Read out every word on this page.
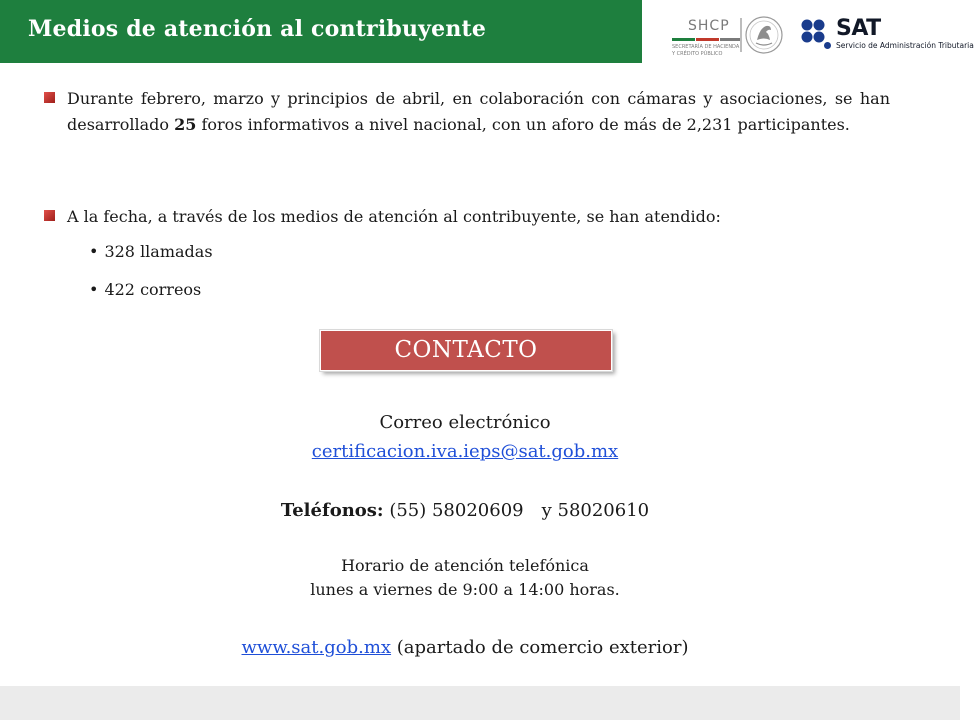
Medios de atención al contribuyente	SHCP
SECRETARÍA DE HACIENDA
Y CRÉDITO PÚBLICO
SAT
Servicio de Administración Tributaria
Durante febrero, marzo y principios de abril, en colaboración con cámaras y asociaciones, se han desarrollado 25 foros informativos a nivel nacional, con un aforo de más de 2,231 participantes.
A la fecha, a través de los medios de atención al contribuyente, se han atendido:
• 328 llamadas
• 422 correos
CONTACTO
Correo electrónico
certificacion.iva.ieps@sat.gob.mx
Teléfonos: (55) 58020609 y 58020610
Horario de atención telefónica
lunes a viernes de 9:00 a 14:00 horas.
www.sat.gob.mx (apartado de comercio exterior)
